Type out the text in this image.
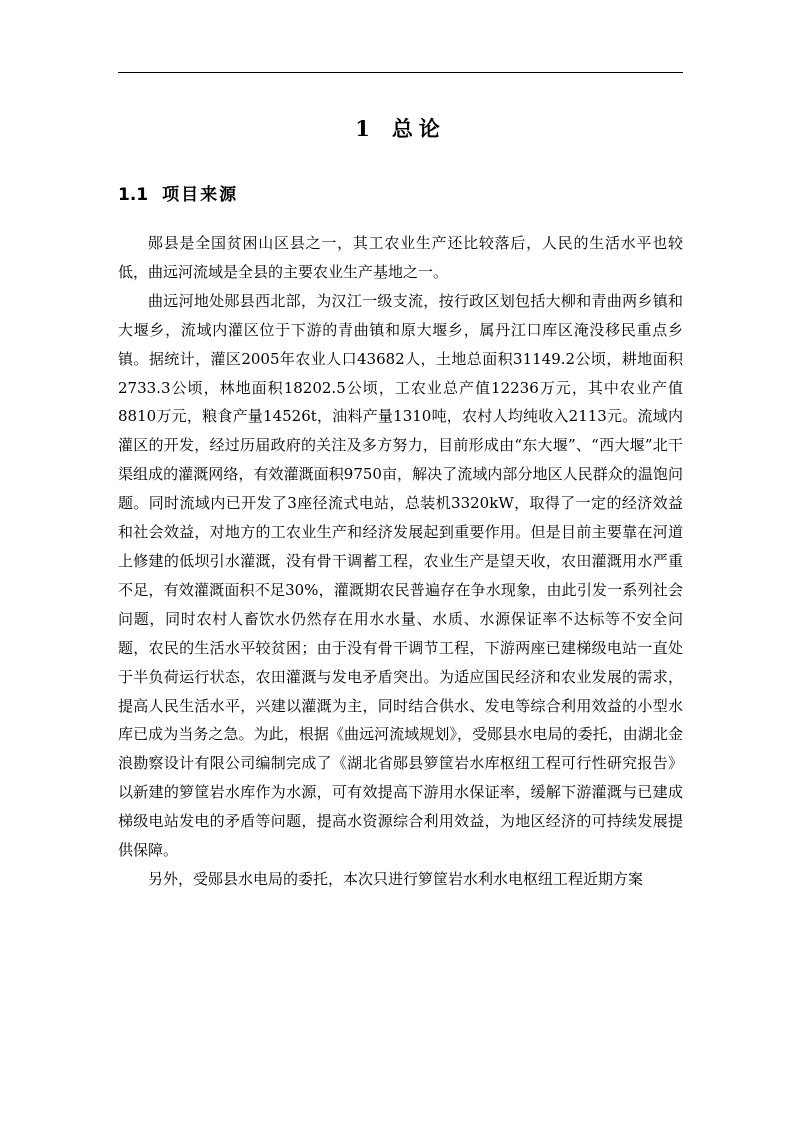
1 总论
1.1 项目来源

郧县是全国贫困山区县之一，其工农业生产还比较落后，人民的生活水平也较低，曲远河流域是全县的主要农业生产基地之一。

曲远河地处郧县西北部，为汉江一级支流，按行政区划包括大柳和青曲两乡镇和大堰乡，流域内灌区位于下游的青曲镇和原大堰乡，属丹江口库区淹没移民重点乡镇。据统计，灌区2005年农业人口43682人，土地总面积31149.2公顷，耕地面积2733.3公顷，林地面积18202.5公顷，工农业总产值12236万元，其中农业产值8810万元，粮食产量14526t，油料产量1310吨，农村人均纯收入2113元。流域内灌区的开发，经过历届政府的关注及多方努力，目前形成由“东大堰”、“西大堰”北干渠组成的灌溉网络，有效灌溉面积9750亩，解决了流域内部分地区人民群众的温饱问题。同时流域内已开发了3座径流式电站，总装机3320kW，取得了一定的经济效益和社会效益，对地方的工农业生产和经济发展起到重要作用。但是目前主要靠在河道上修建的低坝引水灌溉，没有骨干调蓄工程，农业生产是望天收，农田灌溉用水严重不足，有效灌溉面积不足30%，灌溉期农民普遍存在争水现象，由此引发一系列社会问题，同时农村人畜饮水仍然存在用水水量、水质、水源保证率不达标等不安全问题，农民的生活水平较贫困；由于没有骨干调节工程，下游两座已建梯级电站一直处于半负荷运行状态，农田灌溉与发电矛盾突出。为适应国民经济和农业发展的需求，提高人民生活水平，兴建以灌溉为主，同时结合供水、发电等综合利用效益的小型水库已成为当务之急。为此，根据《曲远河流域规划》，受郧县水电局的委托，由湖北金浪勘察设计有限公司编制完成了《湖北省郧县箩筐岩水库枢纽工程可行性研究报告》以新建的箩筐岩水库作为水源，可有效提高下游用水保证率，缓解下游灌溉与已建成梯级电站发电的矛盾等问题，提高水资源综合利用效益，为地区经济的可持续发展提供保障。

另外，受郧县水电局的委托，本次只进行箩筐岩水利水电枢纽工程近期方案
